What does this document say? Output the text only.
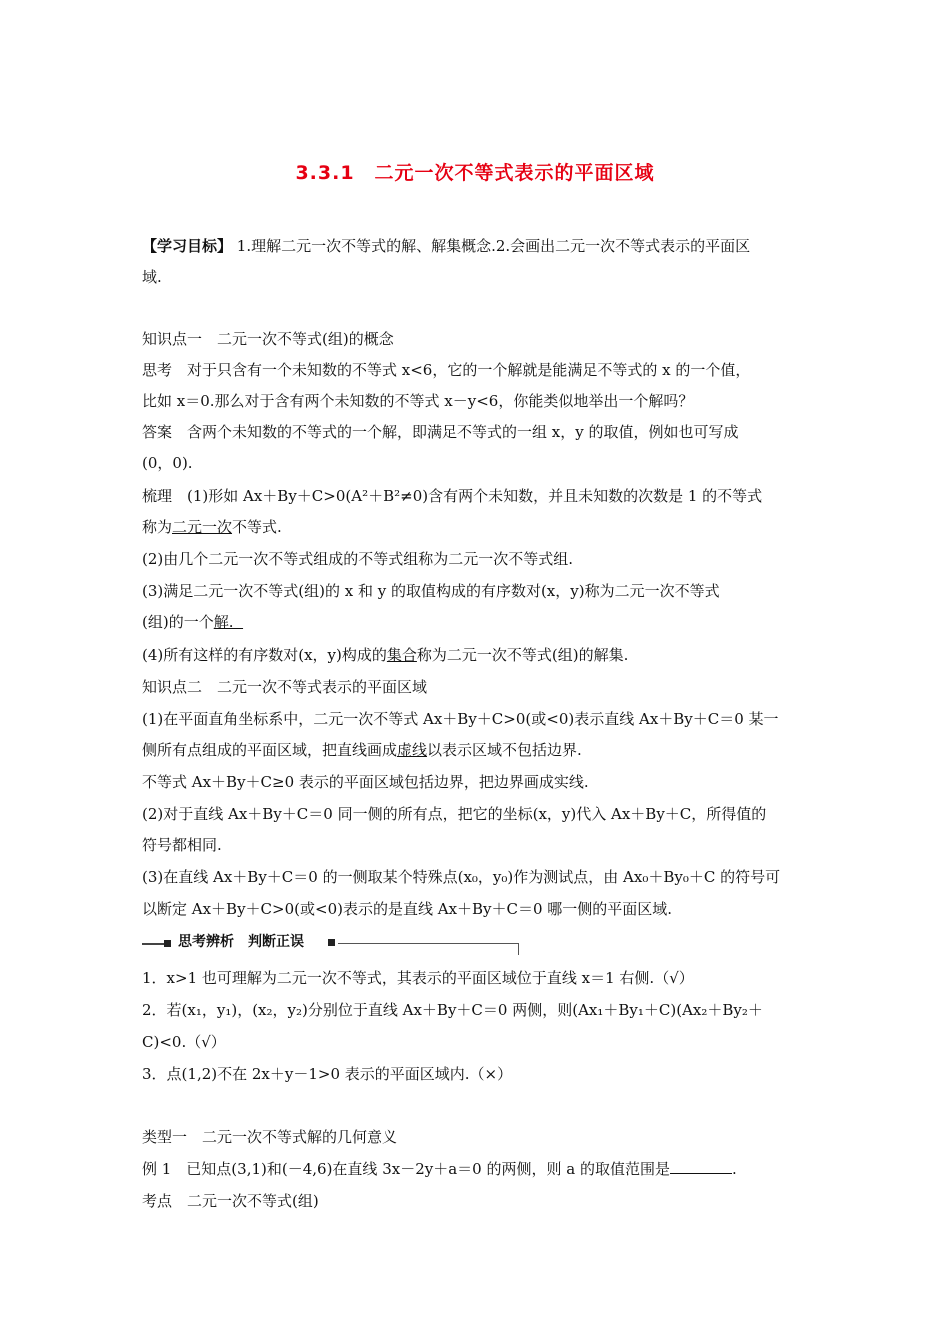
3.3.1　二元一次不等式表示的平面区域
【学习目标】 1.理解二元一次不等式的解、解集概念.2.会画出二元一次不等式表示的平面区
域.
知识点一　二元一次不等式(组)的概念
思考　对于只含有一个未知数的不等式 x<6，它的一个解就是能满足不等式的 x 的一个值，
比如 x＝0.那么对于含有两个未知数的不等式 x－y<6，你能类似地举出一个解吗？
答案　含两个未知数的不等式的一个解，即满足不等式的一组 x，y 的取值，例如也可写成
(0，0).
梳理　(1)形如 Ax＋By＋C>0(A²＋B²≠0)含有两个未知数，并且未知数的次数是 1 的不等式
称为二元一次不等式.
(2)由几个二元一次不等式组成的不等式组称为二元一次不等式组.
(3)满足二元一次不等式(组)的 x 和 y 的取值构成的有序数对(x，y)称为二元一次不等式
(组)的一个解.
(4)所有这样的有序数对(x，y)构成的集合称为二元一次不等式(组)的解集.
知识点二　二元一次不等式表示的平面区域
(1)在平面直角坐标系中，二元一次不等式 Ax＋By＋C>0(或<0)表示直线 Ax＋By＋C＝0 某一
侧所有点组成的平面区域，把直线画成虚线以表示区域不包括边界.
不等式 Ax＋By＋C≥0 表示的平面区域包括边界，把边界画成实线.
(2)对于直线 Ax＋By＋C＝0 同一侧的所有点，把它的坐标(x，y)代入 Ax＋By＋C，所得值的
符号都相同.
(3)在直线 Ax＋By＋C＝0 的一侧取某个特殊点(x₀，y₀)作为测试点，由 Ax₀＋By₀＋C 的符号可
以断定 Ax＋By＋C>0(或<0)表示的是直线 Ax＋By＋C＝0 哪一侧的平面区域.
思考辨析　判断正误
1．x>1 也可理解为二元一次不等式，其表示的平面区域位于直线 x＝1 右侧.（√）
2．若(x₁，y₁)，(x₂，y₂)分别位于直线 Ax＋By＋C＝0 两侧，则(Ax₁＋By₁＋C)(Ax₂＋By₂＋
C)<0.（√）
3．点(1,2)不在 2x＋y－1>0 表示的平面区域内.（×）
类型一　二元一次不等式解的几何意义
例 1　已知点(3,1)和(－4,6)在直线 3x－2y＋a＝0 的两侧，则 a 的取值范围是	.
考点　二元一次不等式(组)
